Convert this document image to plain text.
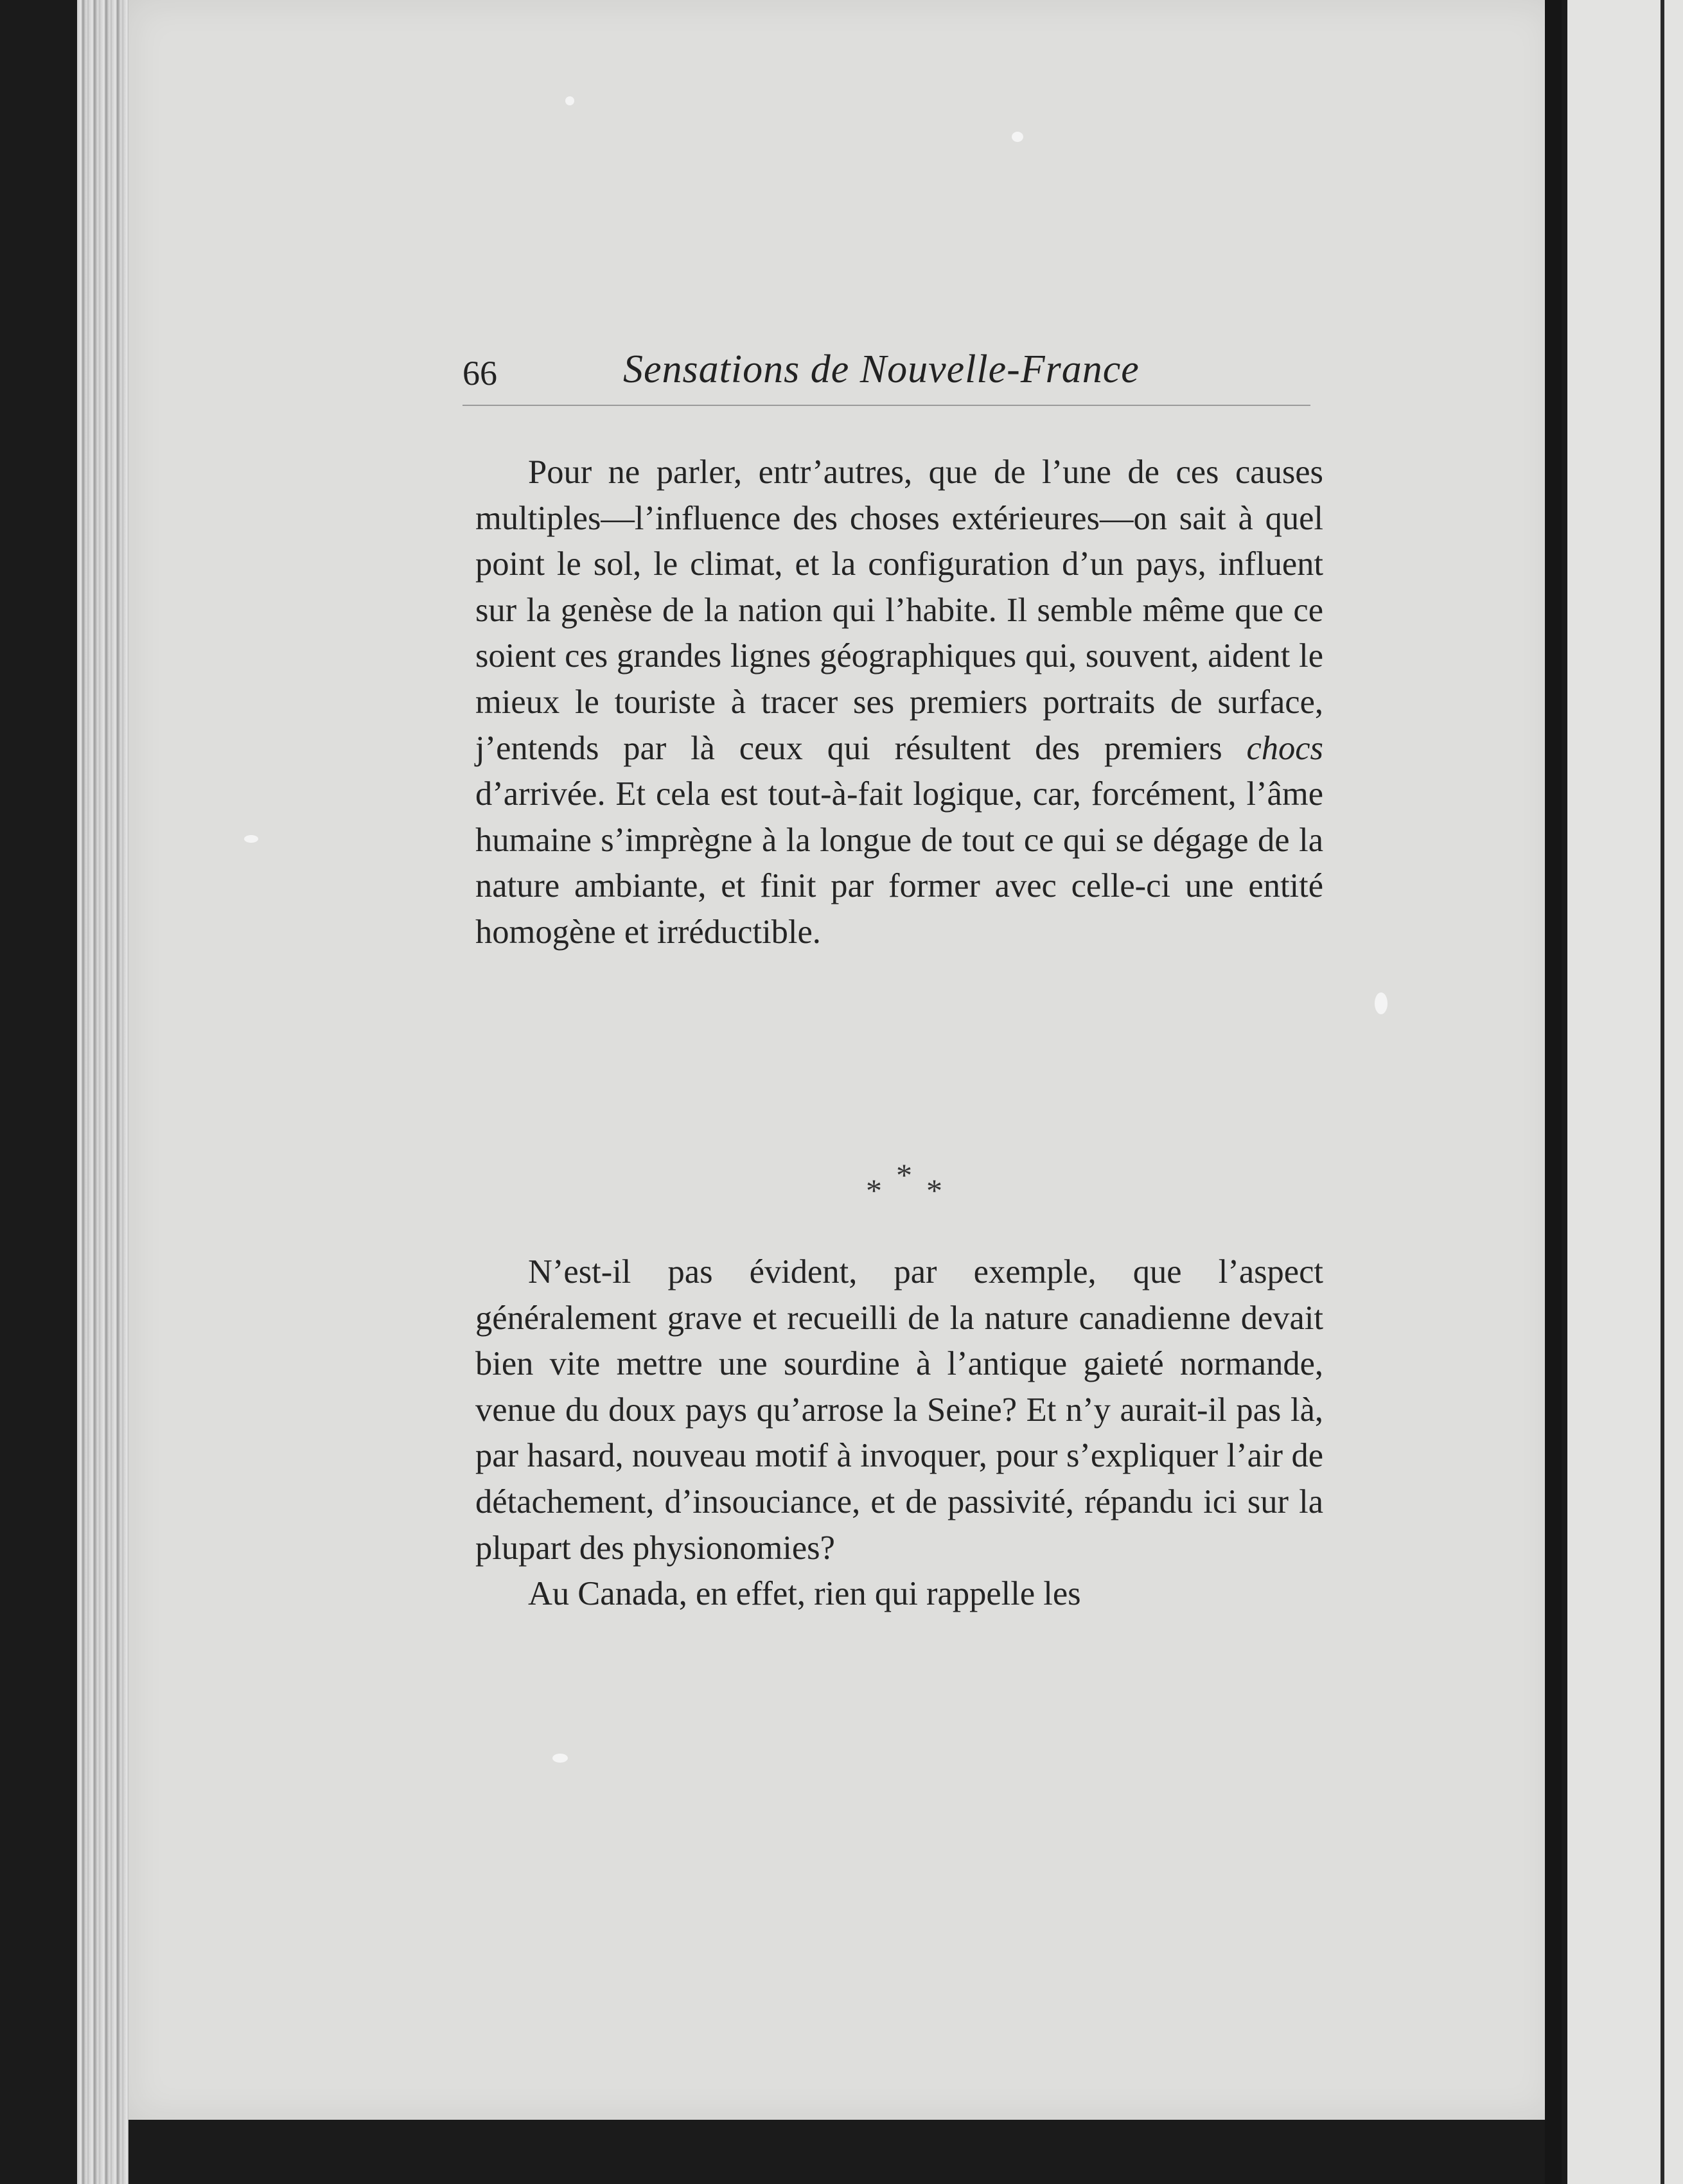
66	Sensations de Nouvelle-France

Pour ne parler, entr’autres, que de l’une de ces causes multiples—l’influence des choses extérieures—on sait à quel point le sol, le climat, et la configuration d’un pays, influent sur la genèse de la nation qui l’habite. Il semble même que ce soient ces grandes lignes géographiques qui, souvent, aident le mieux le touriste à tracer ses premiers portraits de surface, j’entends par là ceux qui résultent des premiers chocs d’arrivée. Et cela est tout-à-fait logique, car, forcément, l’âme humaine s’imprègne à la longue de tout ce qui se dégage de la nature ambiante, et finit par former avec celle-ci une entité homogène et irréductible.

*
* *

N’est-il pas évident, par exemple, que l’aspect généralement grave et recueilli de la nature canadienne devait bien vite mettre une sourdine à l’antique gaieté normande, venue du doux pays qu’arrose la Seine? Et n’y aurait-il pas là, par hasard, nouveau motif à invoquer, pour s’expliquer l’air de détachement, d’insouciance, et de passivité, répandu ici sur la plupart des physionomies?

Au Canada, en effet, rien qui rappelle les
